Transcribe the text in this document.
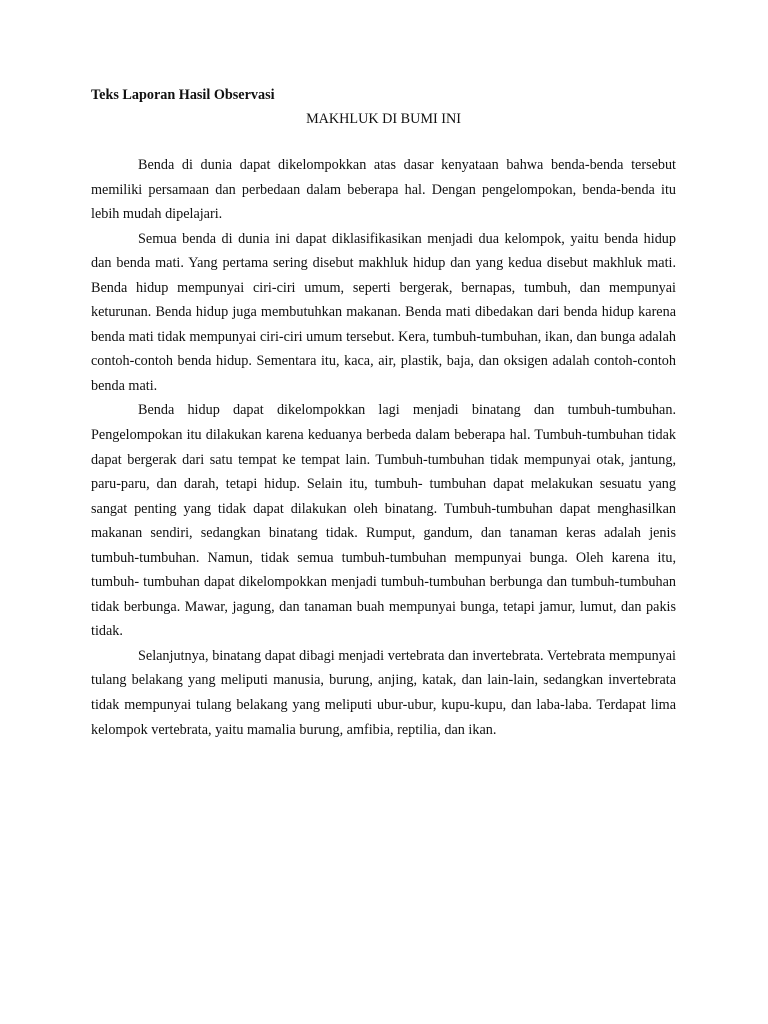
Teks Laporan Hasil Observasi

MAKHLUK DI BUMI INI

Benda di dunia dapat dikelompokkan atas dasar kenyataan bahwa benda-benda tersebut memiliki persamaan dan perbedaan dalam beberapa hal. Dengan pengelompokan, benda-benda itu lebih mudah dipelajari.

Semua benda di dunia ini dapat diklasifikasikan menjadi dua kelompok, yaitu benda hidup dan benda mati. Yang pertama sering disebut makhluk hidup dan yang kedua disebut makhluk mati. Benda hidup mempunyai ciri-ciri umum, seperti bergerak, bernapas, tumbuh, dan mempunyai keturunan. Benda hidup juga membutuhkan makanan. Benda mati dibedakan dari benda hidup karena benda mati tidak mempunyai ciri-ciri umum tersebut. Kera, tumbuh-tumbuhan, ikan, dan bunga adalah contoh-contoh benda hidup. Sementara itu, kaca, air, plastik, baja, dan oksigen adalah contoh-contoh benda mati.

Benda hidup dapat dikelompokkan lagi menjadi binatang dan tumbuh-tumbuhan. Pengelompokan itu dilakukan karena keduanya berbeda dalam beberapa hal. Tumbuh-tumbuhan tidak dapat bergerak dari satu tempat ke tempat lain. Tumbuh-tumbuhan tidak mempunyai otak, jantung, paru-paru, dan darah, tetapi hidup. Selain itu, tumbuh- tumbuhan dapat melakukan sesuatu yang sangat penting yang tidak dapat dilakukan oleh binatang. Tumbuh-tumbuhan dapat menghasilkan makanan sendiri, sedangkan binatang tidak. Rumput, gandum, dan tanaman keras adalah jenis tumbuh-tumbuhan. Namun, tidak semua tumbuh-tumbuhan mempunyai bunga. Oleh karena itu, tumbuh- tumbuhan dapat dikelompokkan menjadi tumbuh-tumbuhan berbunga dan tumbuh-tumbuhan tidak berbunga. Mawar, jagung, dan tanaman buah mempunyai bunga, tetapi jamur, lumut, dan pakis tidak.

Selanjutnya, binatang dapat dibagi menjadi vertebrata dan invertebrata. Vertebrata mempunyai tulang belakang yang meliputi manusia, burung, anjing, katak, dan lain-lain, sedangkan invertebrata tidak mempunyai tulang belakang yang meliputi ubur-ubur, kupu-kupu, dan laba-laba. Terdapat lima kelompok vertebrata, yaitu mamalia burung, amfibia, reptilia, dan ikan.
